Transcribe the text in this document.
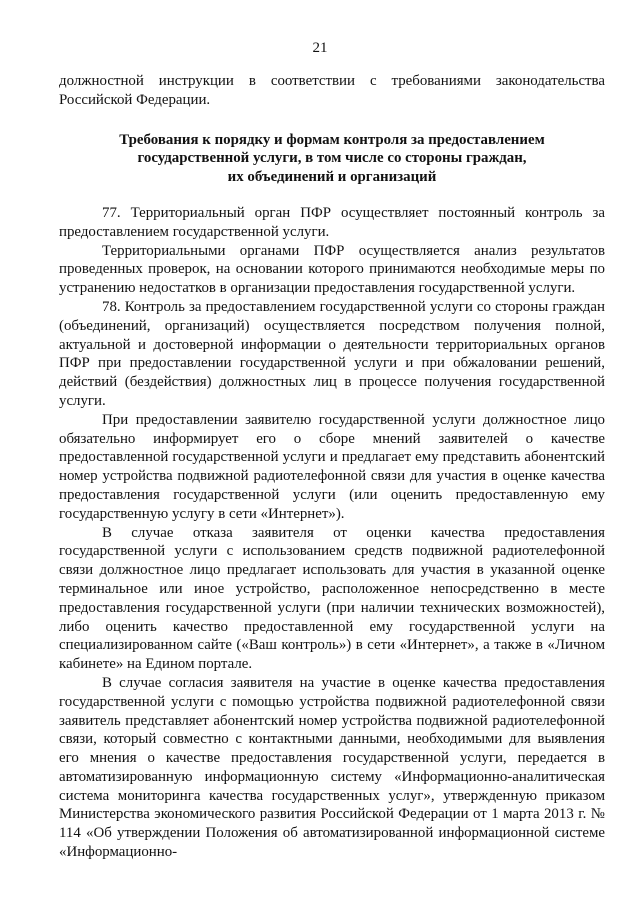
21

должностной инструкции в соответствии с требованиями законодательства Российской Федерации.

Требования к порядку и формам контроля за предоставлением
государственной услуги, в том числе со стороны граждан,
их объединений и организаций

77. Территориальный орган ПФР осуществляет постоянный контроль за предоставлением государственной услуги.

Территориальными органами ПФР осуществляется анализ результатов проведенных проверок, на основании которого принимаются необходимые меры по устранению недостатков в организации предоставления государственной услуги.

78. Контроль за предоставлением государственной услуги со стороны граждан (объединений, организаций) осуществляется посредством получения полной, актуальной и достоверной информации о деятельности территориальных органов ПФР при предоставлении государственной услуги и при обжаловании решений, действий (бездействия) должностных лиц в процессе получения государственной услуги.

При предоставлении заявителю государственной услуги должностное лицо обязательно информирует его о сборе мнений заявителей о качестве предоставленной государственной услуги и предлагает ему представить абонентский номер устройства подвижной радиотелефонной связи для участия в оценке качества предоставления государственной услуги (или оценить предоставленную ему государственную услугу в сети «Интернет»).

В случае отказа заявителя от оценки качества предоставления государственной услуги с использованием средств подвижной радиотелефонной связи должностное лицо предлагает использовать для участия в указанной оценке терминальное или иное устройство, расположенное непосредственно в месте предоставления государственной услуги (при наличии технических возможностей), либо оценить качество предоставленной ему государственной услуги на специализированном сайте («Ваш контроль») в сети «Интернет», а также в «Личном кабинете» на Едином портале.

В случае согласия заявителя на участие в оценке качества предоставления государственной услуги с помощью устройства подвижной радиотелефонной связи заявитель представляет абонентский номер устройства подвижной радиотелефонной связи, который совместно с контактными данными, необходимыми для выявления его мнения о качестве предоставления государственной услуги, передается в автоматизированную информационную систему «Информационно-аналитическая система мониторинга качества государственных услуг», утвержденную приказом Министерства экономического развития Российской Федерации от 1 марта 2013 г. № 114 «Об утверждении Положения об автоматизированной информационной системе «Информационно-
